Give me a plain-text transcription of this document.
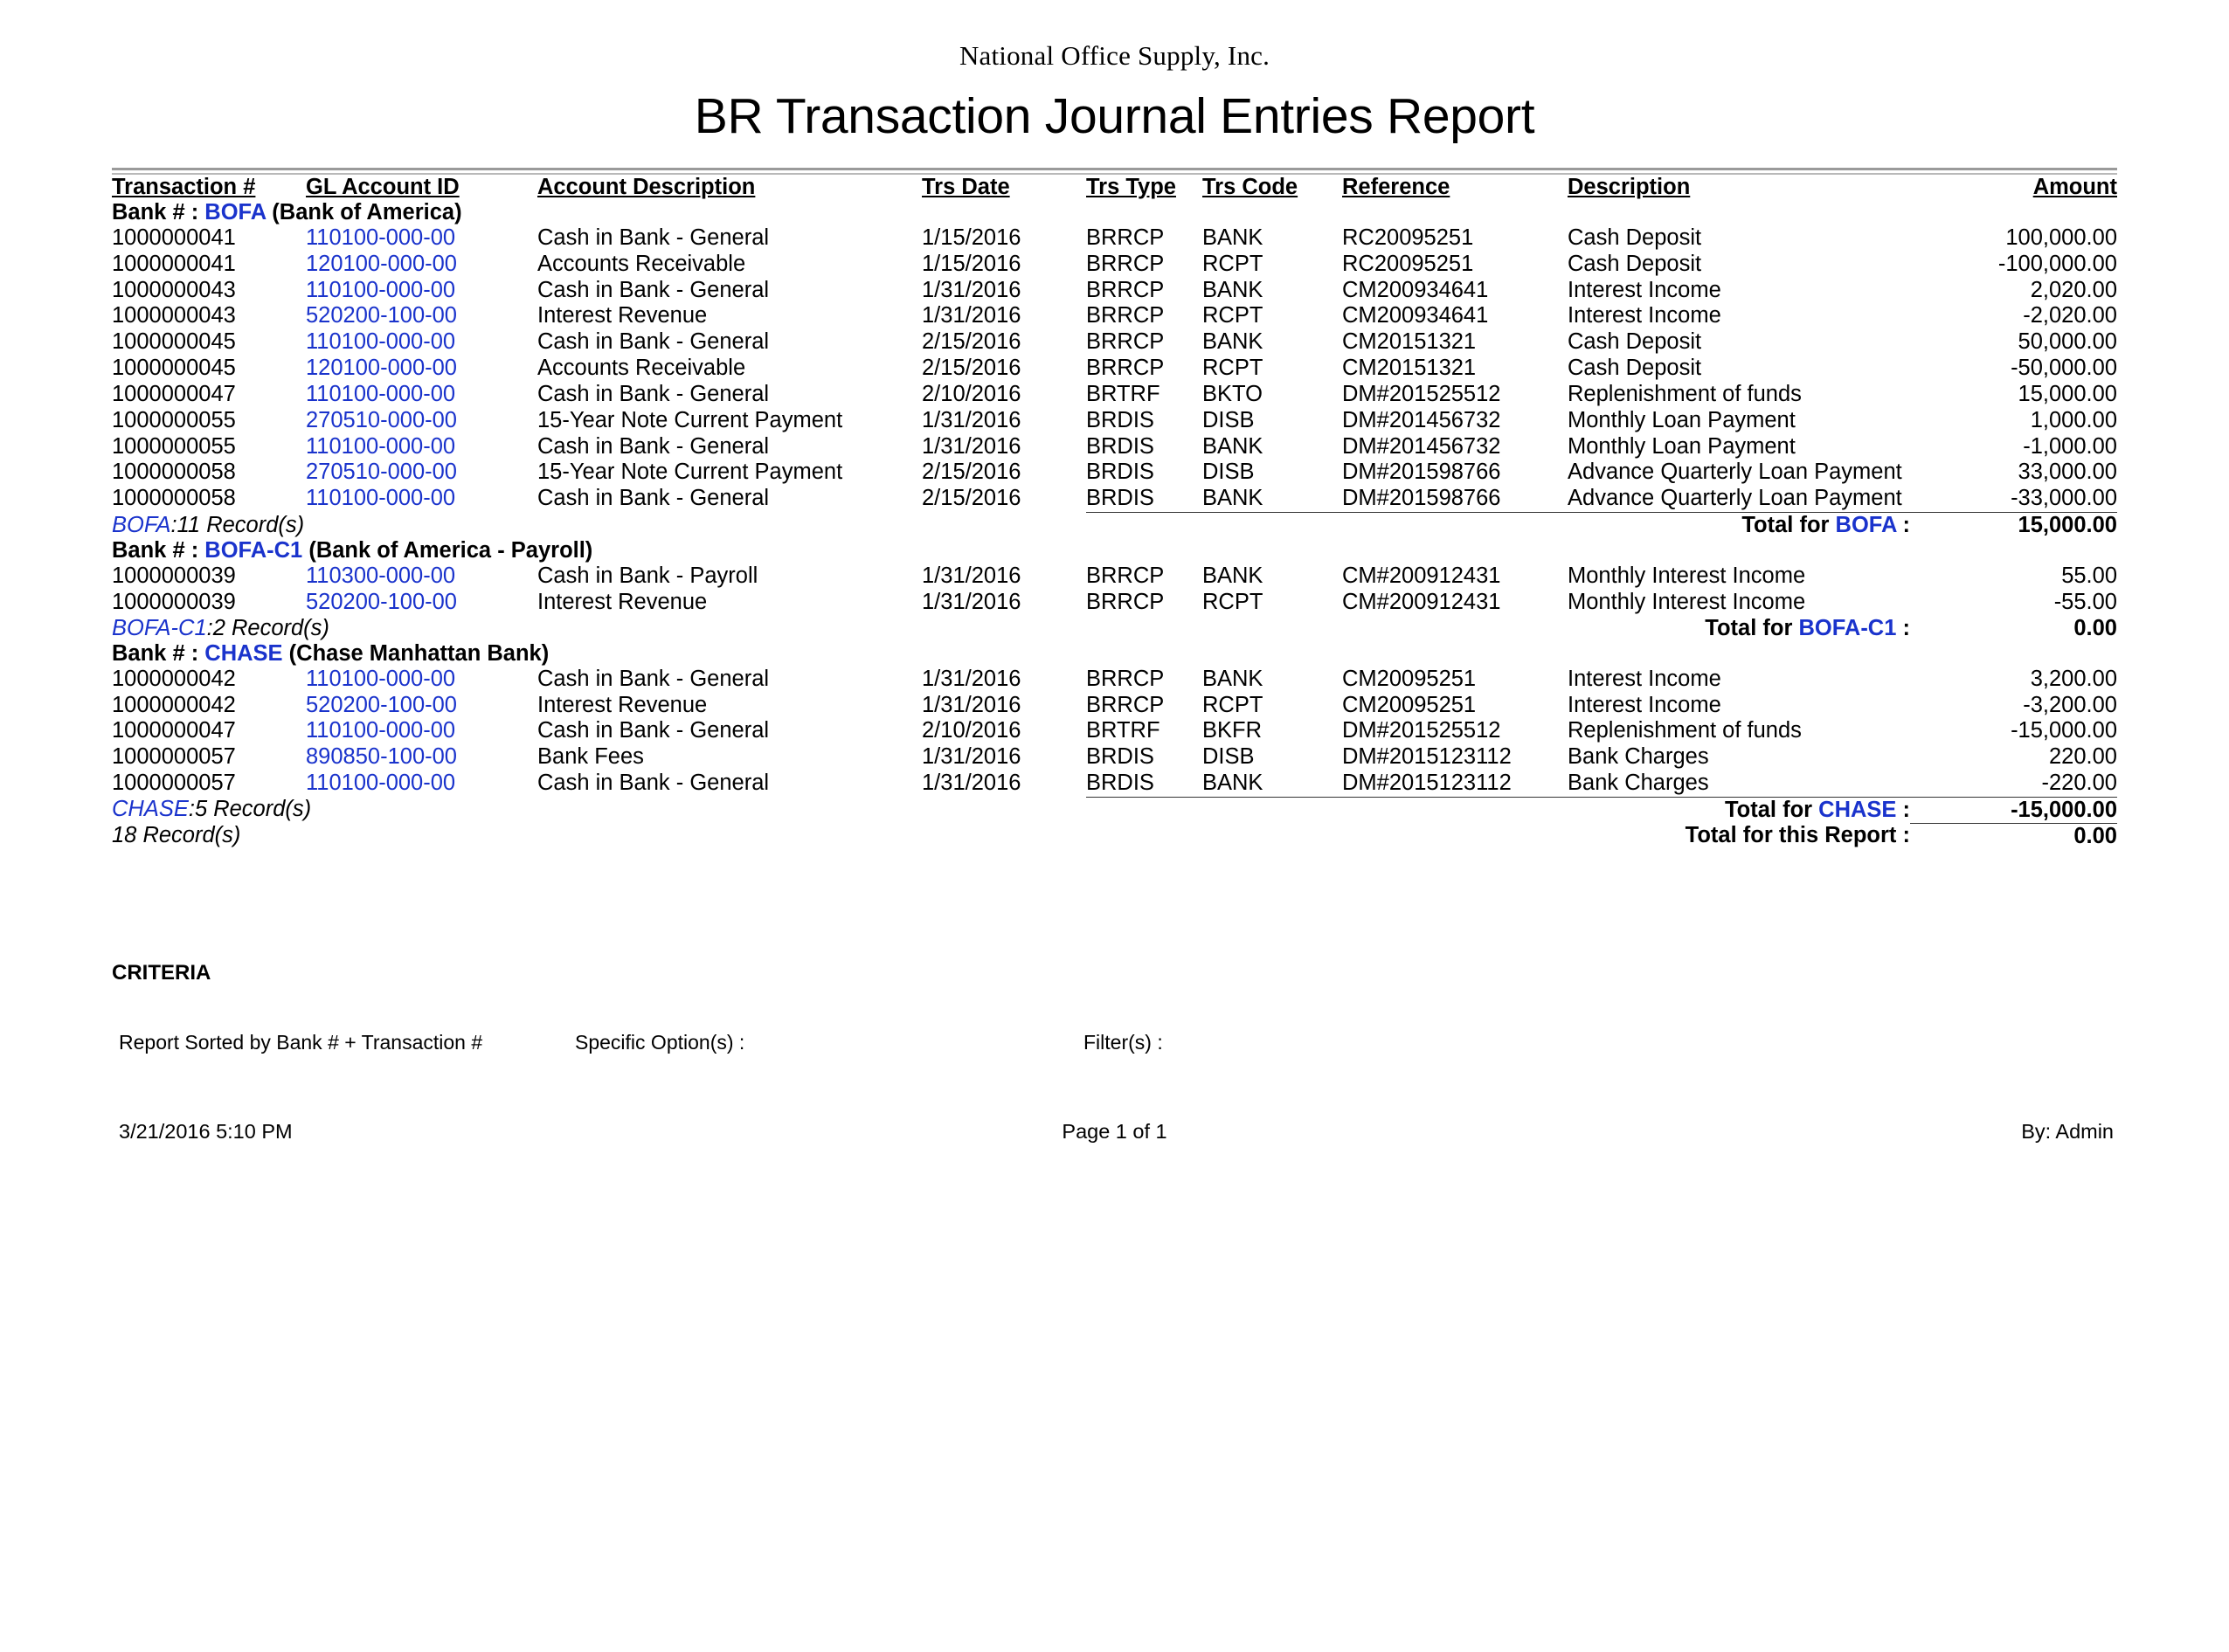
National Office Supply, Inc.
BR Transaction Journal Entries Report
Transaction #	GL Account ID	Account Description	Trs Date	Trs Type	Trs Code	Reference	Description	Amount
Bank # : BOFA (Bank of America)								
1000000041	110100-000-00	Cash in Bank - General	1/15/2016	BRRCP	BANK	RC20095251	Cash Deposit	100,000.00
1000000041	120100-000-00	Accounts Receivable	1/15/2016	BRRCP	RCPT	RC20095251	Cash Deposit	-100,000.00
1000000043	110100-000-00	Cash in Bank - General	1/31/2016	BRRCP	BANK	CM200934641	Interest Income	2,020.00
1000000043	520200-100-00	Interest Revenue	1/31/2016	BRRCP	RCPT	CM200934641	Interest Income	-2,020.00
1000000045	110100-000-00	Cash in Bank - General	2/15/2016	BRRCP	BANK	CM20151321	Cash Deposit	50,000.00
1000000045	120100-000-00	Accounts Receivable	2/15/2016	BRRCP	RCPT	CM20151321	Cash Deposit	-50,000.00
1000000047	110100-000-00	Cash in Bank - General	2/10/2016	BRTRF	BKTO	DM#201525512	Replenishment of funds	15,000.00
1000000055	270510-000-00	15-Year Note Current Payment	1/31/2016	BRDIS	DISB	DM#201456732	Monthly Loan Payment	1,000.00
1000000055	110100-000-00	Cash in Bank - General	1/31/2016	BRDIS	BANK	DM#201456732	Monthly Loan Payment	-1,000.00
1000000058	270510-000-00	15-Year Note Current Payment	2/15/2016	BRDIS	DISB	DM#201598766	Advance Quarterly Loan Payment	33,000.00
1000000058	110100-000-00	Cash in Bank - General	2/15/2016	BRDIS	BANK	DM#201598766	Advance Quarterly Loan Payment	-33,000.00
BOFA:11 Record(s)				Total for BOFA :				15,000.00
Bank # : BOFA-C1 (Bank of America - Payroll)								
1000000039	110300-000-00	Cash in Bank - Payroll	1/31/2016	BRRCP	BANK	CM#200912431	Monthly Interest Income	55.00
1000000039	520200-100-00	Interest Revenue	1/31/2016	BRRCP	RCPT	CM#200912431	Monthly Interest Income	-55.00
BOFA-C1:2 Record(s)				Total for BOFA-C1 :				0.00
Bank # : CHASE (Chase Manhattan Bank)								
1000000042	110100-000-00	Cash in Bank - General	1/31/2016	BRRCP	BANK	CM20095251	Interest Income	3,200.00
1000000042	520200-100-00	Interest Revenue	1/31/2016	BRRCP	RCPT	CM20095251	Interest Income	-3,200.00
1000000047	110100-000-00	Cash in Bank - General	2/10/2016	BRTRF	BKFR	DM#201525512	Replenishment of funds	-15,000.00
1000000057	890850-100-00	Bank Fees	1/31/2016	BRDIS	DISB	DM#2015123112	Bank Charges	220.00
1000000057	110100-000-00	Cash in Bank - General	1/31/2016	BRDIS	BANK	DM#2015123112	Bank Charges	-220.00
CHASE:5 Record(s)				Total for CHASE :				-15,000.00
18 Record(s)				Total for this Report :				0.00
CRITERIA
Report Sorted by Bank # + Transaction #	Specific Option(s) :	Filter(s) :
3/21/2016 5:10 PM	Page 1 of 1	By: Admin
